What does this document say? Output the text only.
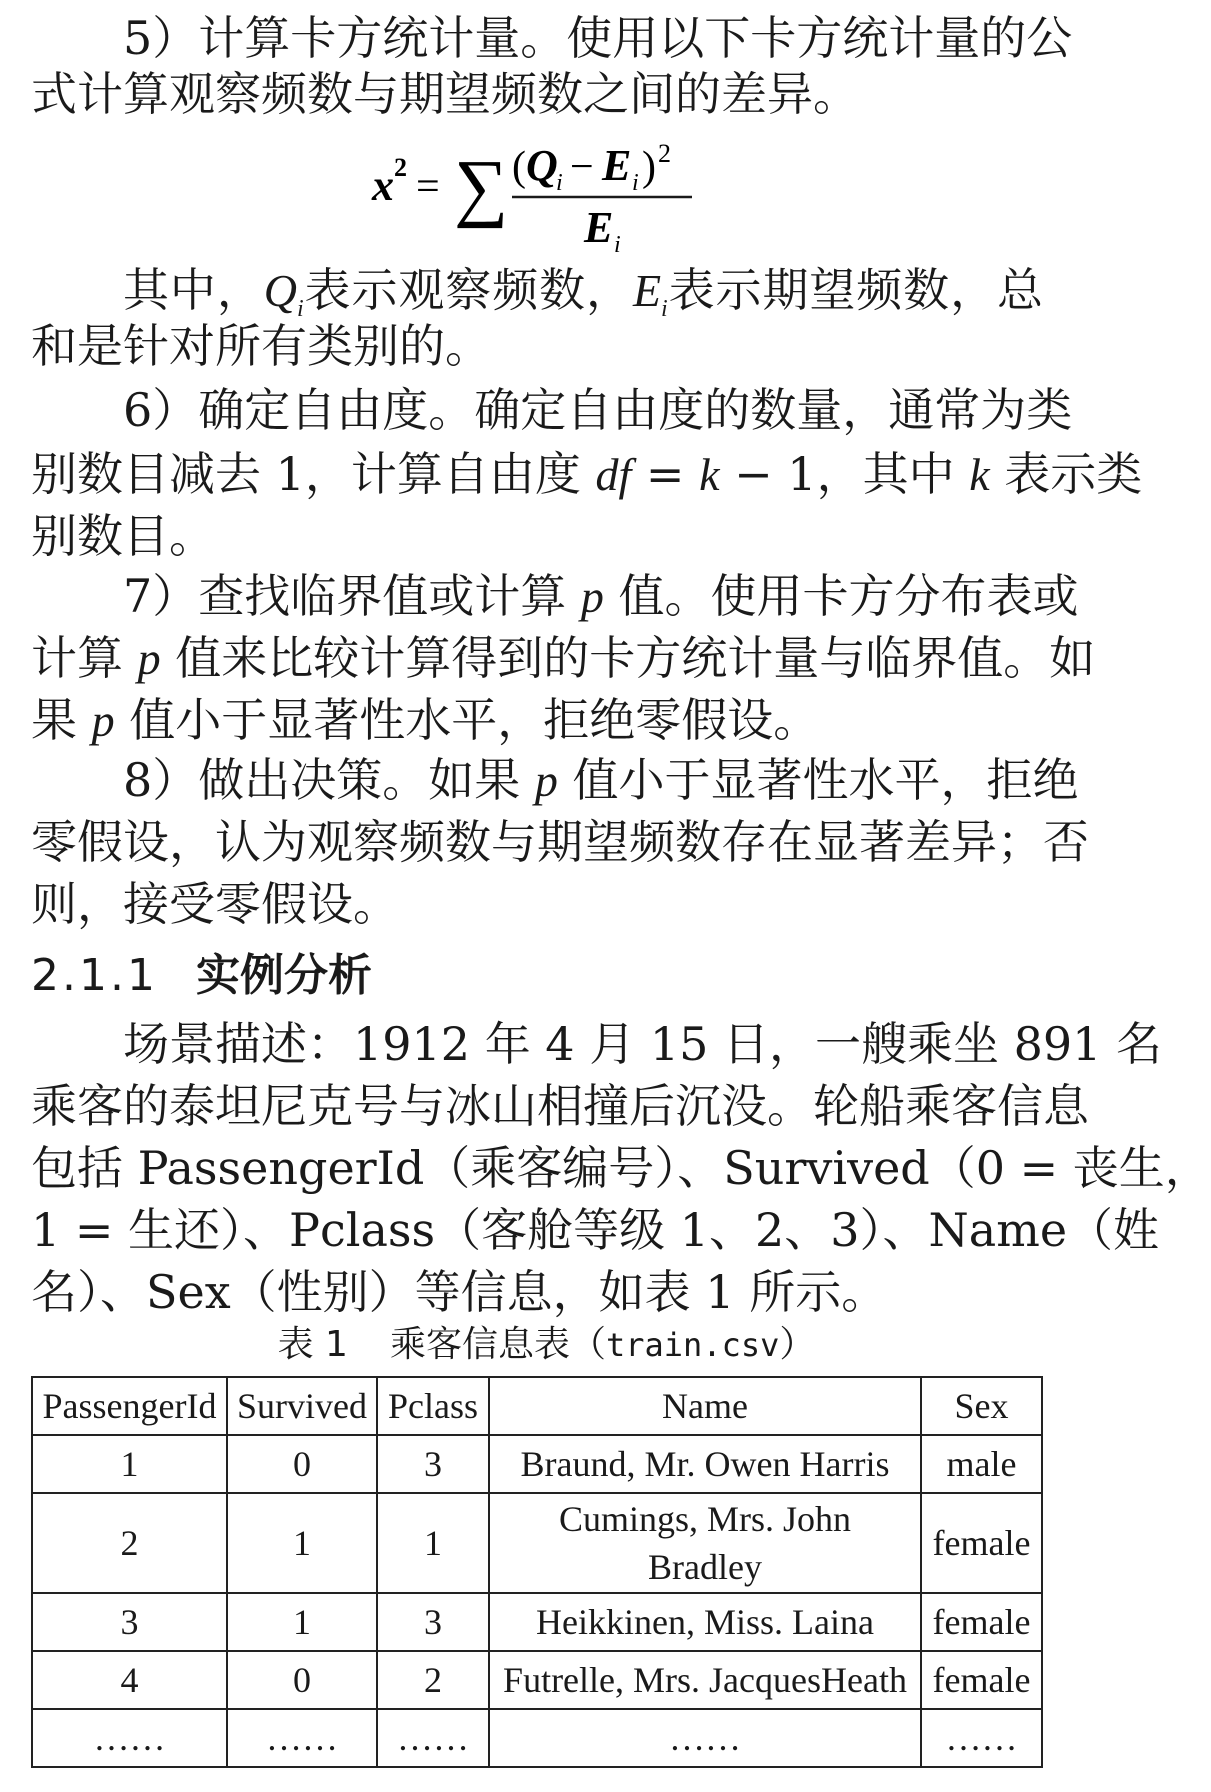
5）计算卡方统计量。使用以下卡方统计量的公
式计算观察频数与期望频数之间的差异。
x 2 = ∑ ( Q
i − E i ) 2
E i
其中，$Q_i$表示观察频数，$E_i$表示期望频数，总
和是针对所有类别的。
6）确定自由度。确定自由度的数量，通常为类
别数目减去 1，计算自由度 df = k − 1，其中 k 表示类
别数目。
7）查找临界值或计算 p 值。使用卡方分布表或
计算 p 值来比较计算得到的卡方统计量与临界值。如
果 p 值小于显著性水平，拒绝零假设。
8）做出决策。如果 p 值小于显著性水平，拒绝
零假设，认为观察频数与期望频数存在显著差异；否
则，接受零假设。
2.1.1 实例分析
场景描述：1912 年 4 月 15 日，一艘乘坐 891 名
乘客的泰坦尼克号与冰山相撞后沉没。轮船乘客信息
包括 PassengerId（乘客编号）、Survived（0 = 丧生，
1 = 生还）、Pclass（客舱等级 1、2、3）、Name（姓
名）、Sex（性别）等信息，如表 1 所示。
表 1 乘客信息表（train.csv）
PassengerId	Survived	Pclass	Name	Sex
1	0	3	Braund, Mr. Owen Harris	male
2	1	1	Cumings, Mrs. John Bradley	female
3	1	3	Heikkinen, Miss. Laina	female
4	0	2	Futrelle, Mrs. JacquesHeath	female
……	……	……	……	……
